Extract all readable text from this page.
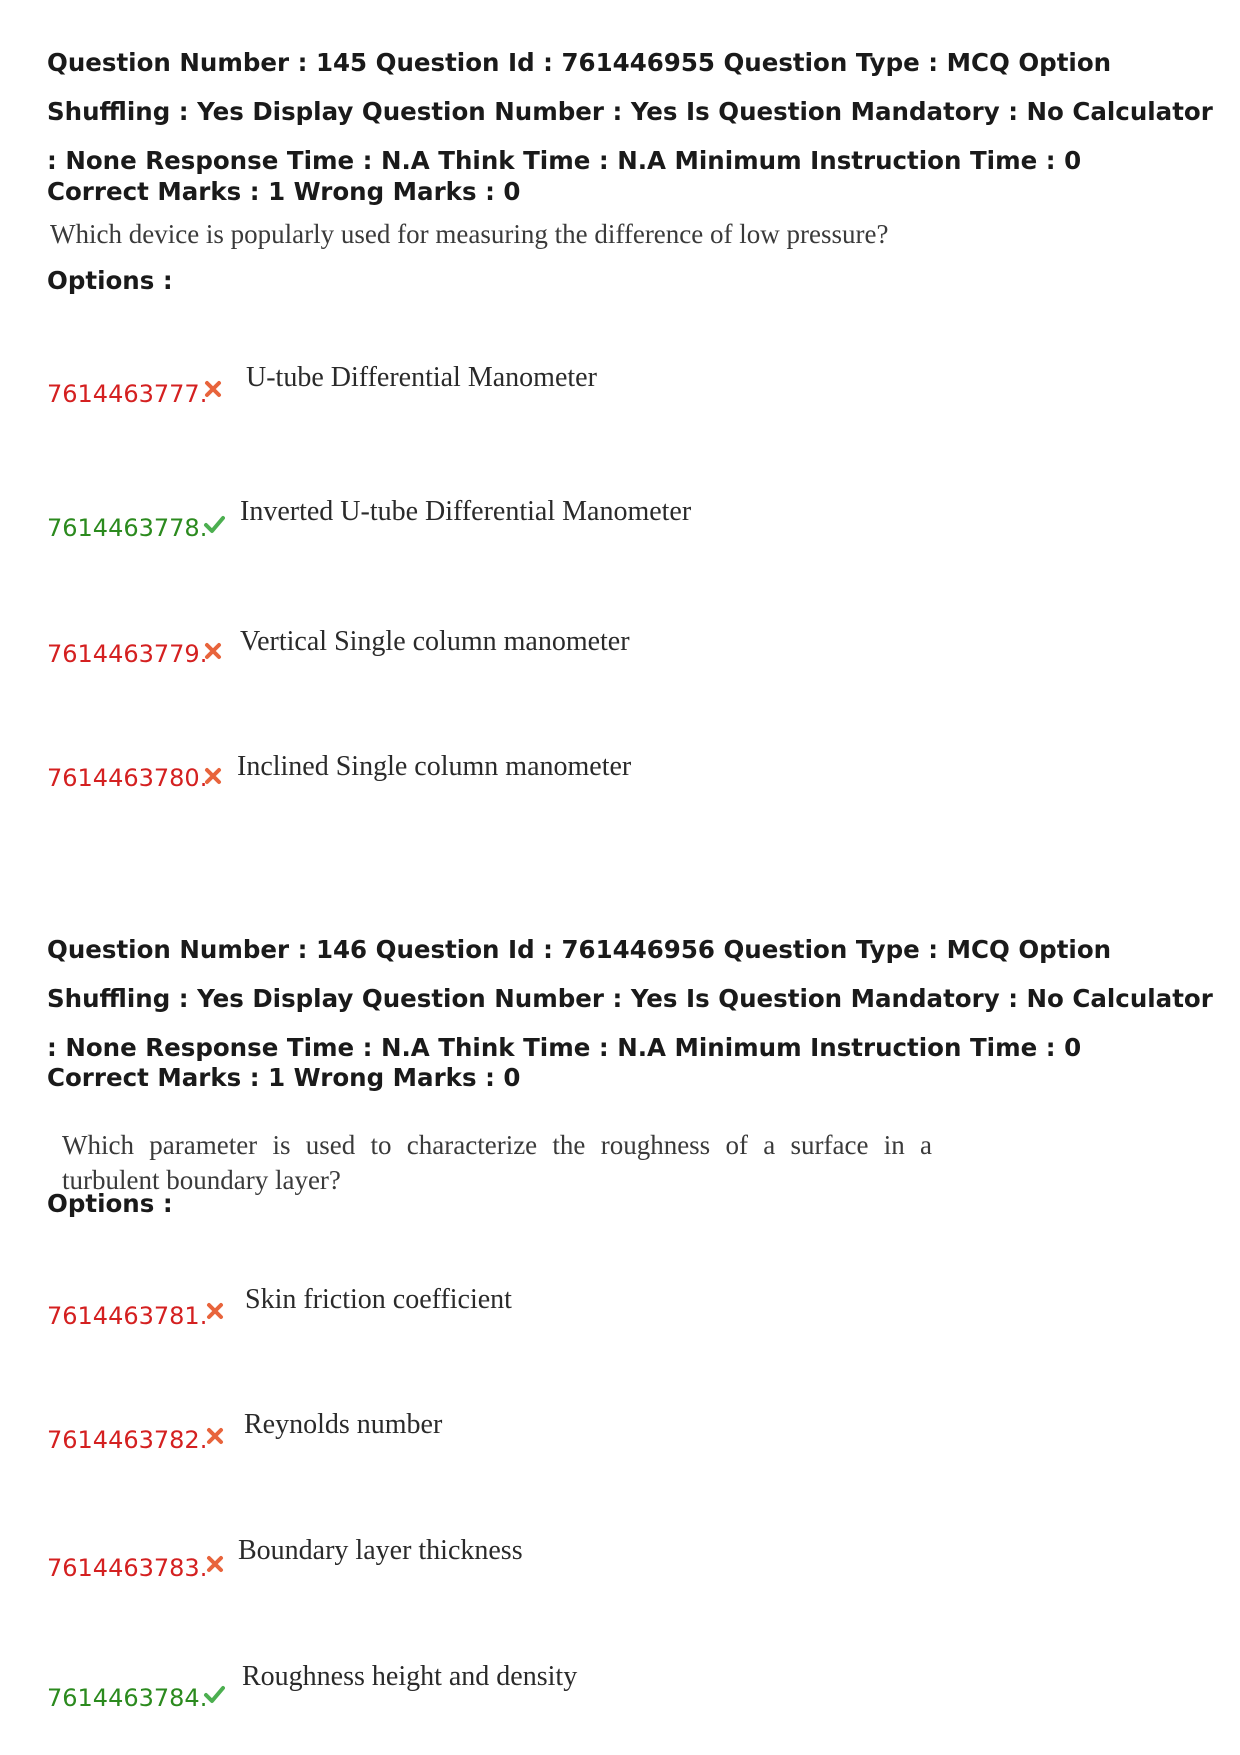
Question Number : 145 Question Id : 761446955 Question Type : MCQ Option Shuffling : Yes Display Question Number : Yes Is Question Mandatory : No Calculator : None Response Time : N.A Think Time : N.A Minimum Instruction Time : 0

Correct Marks : 1 Wrong Marks : 0

Which device is popularly used for measuring the difference of low pressure?

Options :

7614463777.
U-tube Differential Manometer
7614463778.
Inverted U-tube Differential Manometer
7614463779. Vertical Single column manometer
7614463780. Inclined Single column manometer

Question Number : 146 Question Id : 761446956 Question Type : MCQ Option Shuffling : Yes Display Question Number : Yes Is Question Mandatory : No Calculator : None Response Time : N.A Think Time : N.A Minimum Instruction Time : 0

Correct Marks : 1 Wrong Marks : 0

Which parameter is used to characterize the roughness of a surface in a turbulent boundary layer?

Options :

7614463781.
Skin friction coefficient
7614463782. Reynolds number
7614463783.
Boundary layer thickness
7614463784.
Roughness height and density
